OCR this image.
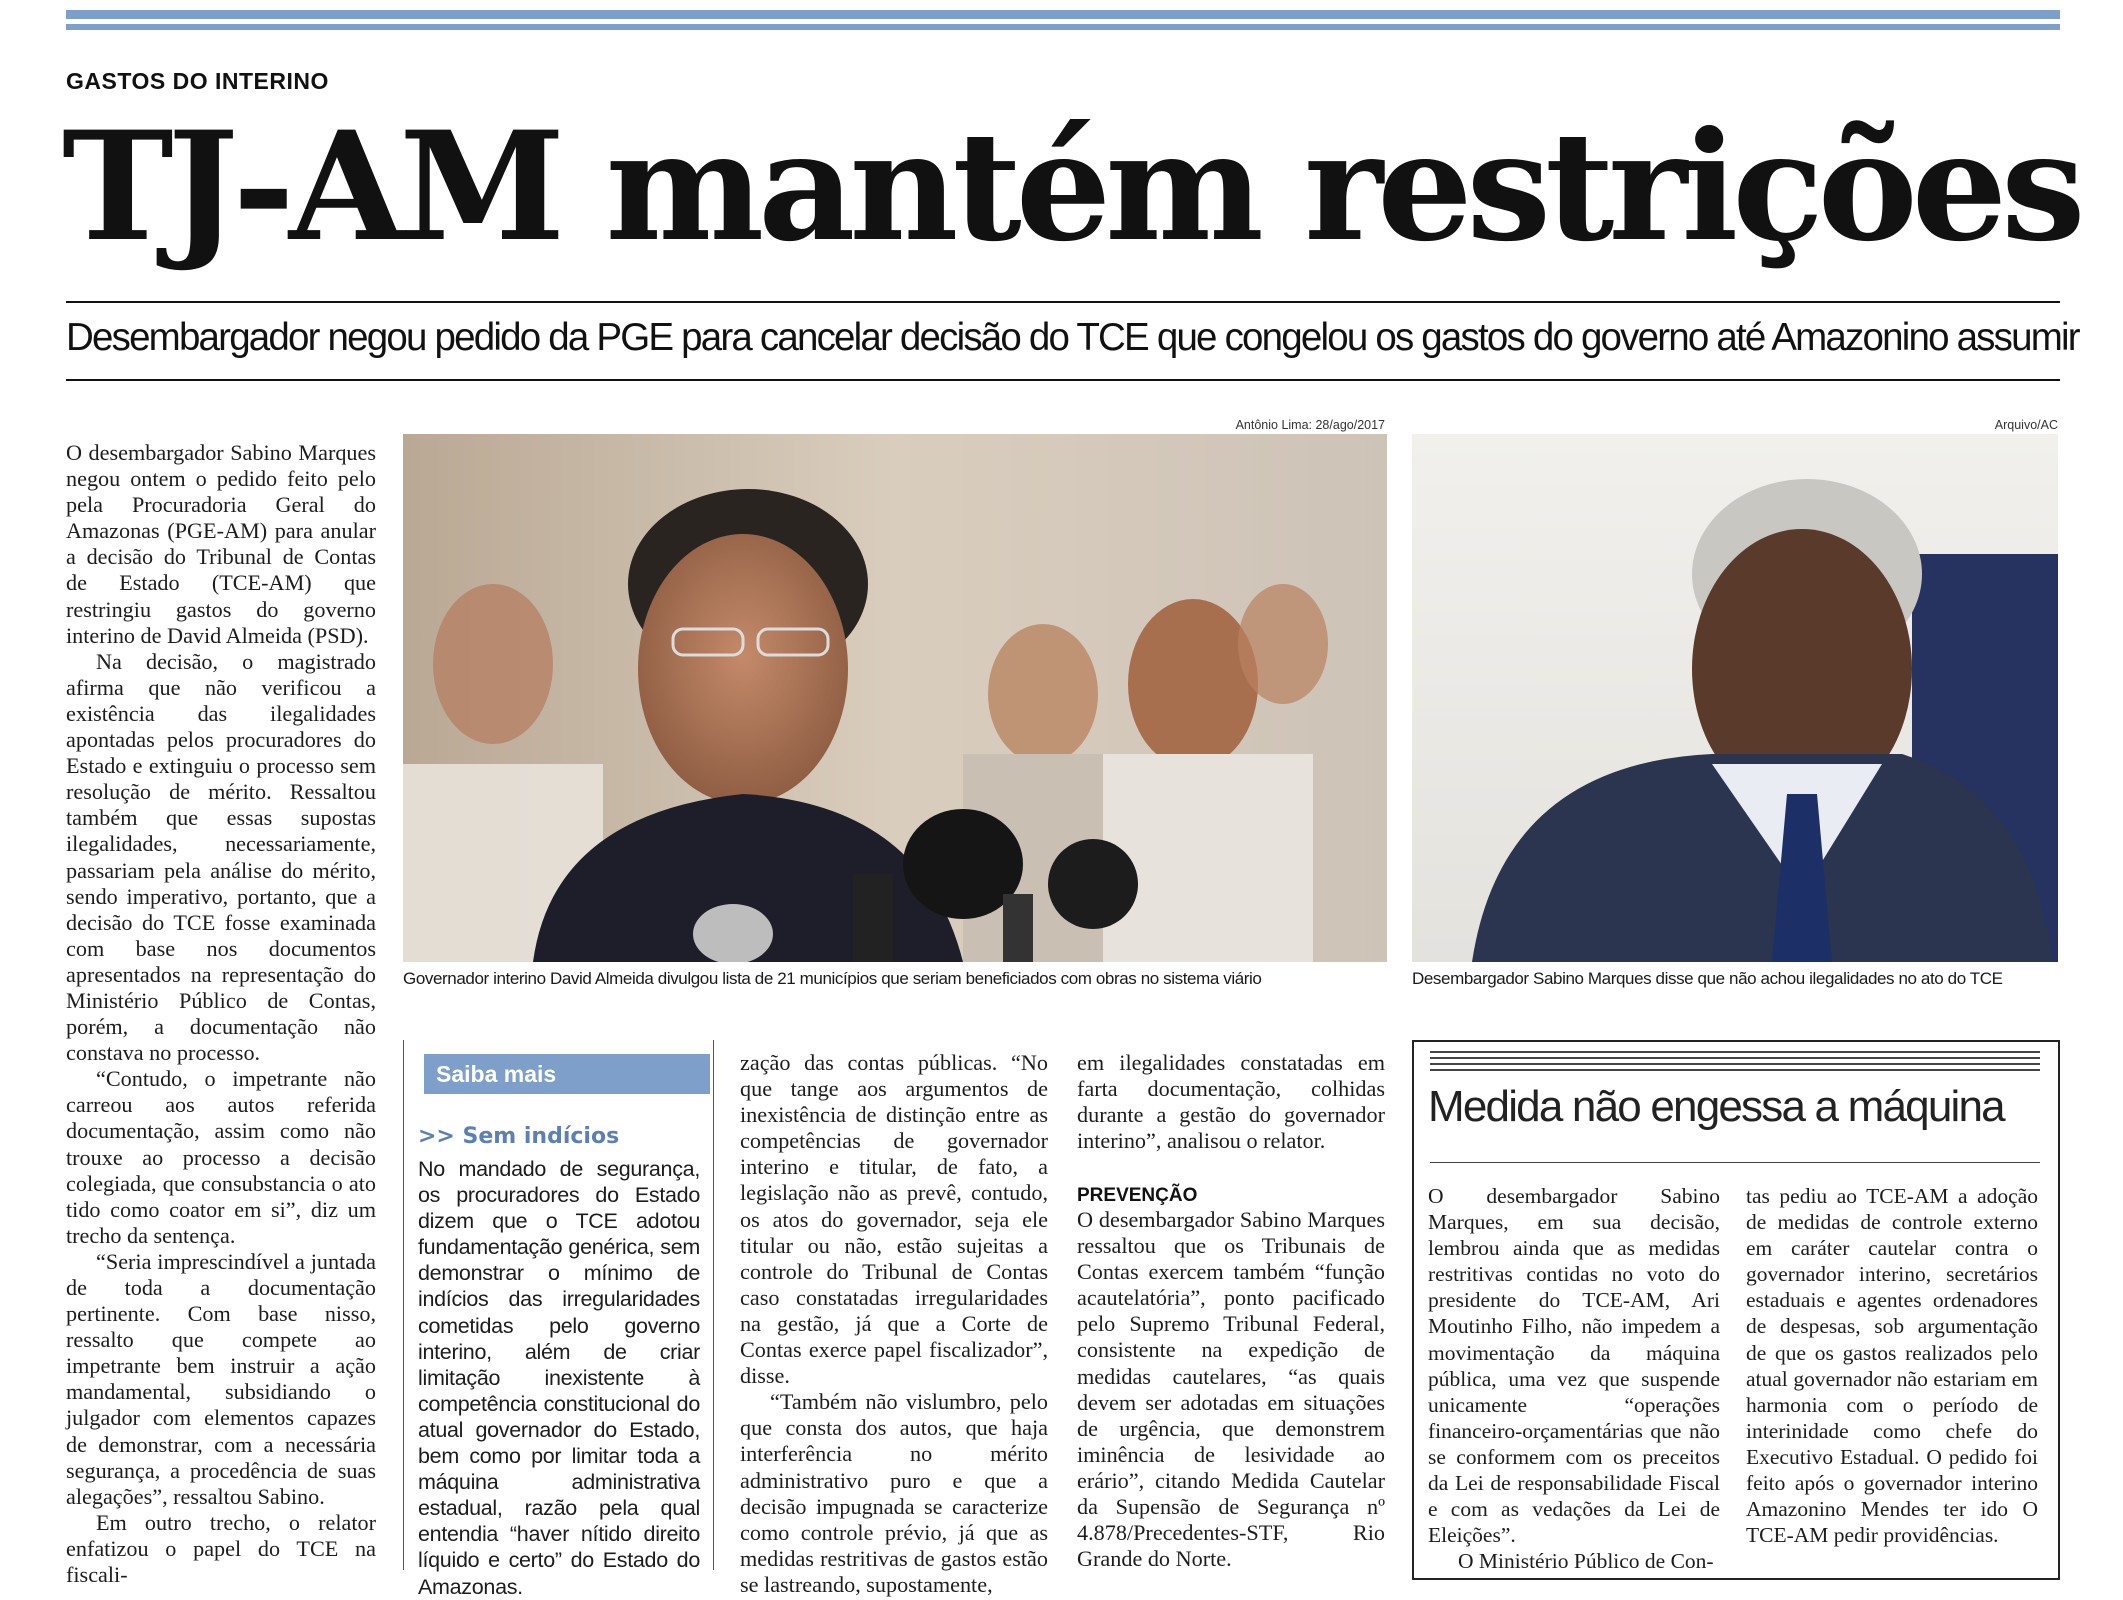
GASTOS DO INTERINO
TJ-AM mantém restrições
Desembargador negou pedido da PGE para cancelar decisão do TCE que congelou os gastos do governo até Amazonino assumir

O desembargador Sabino Marques negou ontem o pedido feito pelo pela Procuradoria Geral do Amazonas (PGE-AM) para anular a decisão do Tribunal de Contas de Estado (TCE-AM) que restringiu gastos do governo interino de David Almeida (PSD).

Na decisão, o magistrado afirma que não verificou a existência das ilegalidades apontadas pelos procuradores do Estado e extinguiu o processo sem resolução de mérito. Ressaltou também que essas supostas ilegalidades, necessariamente, passariam pela análise do mérito, sendo imperativo, portanto, que a decisão do TCE fosse examinada com base nos documentos apresentados na representação do Ministério Público de Contas, porém, a documentação não constava no processo.

“Contudo, o impetrante não carreou aos autos referida documentação, assim como não trouxe ao processo a decisão colegiada, que consubstancia o ato tido como coator em si”, diz um trecho da sentença.

“Seria imprescindível a juntada de toda a documentação pertinente. Com base nisso, ressalto que compete ao impetrante bem instruir a ação mandamental, subsidiando o julgador com elementos capazes de demonstrar, com a necessária segurança, a procedência de suas alegações”, ressaltou Sabino.

Em outro trecho, o relator enfatizou o papel do TCE na fiscali-

Antônio Lima: 28/ago/2017
Governador interino David Almeida divulgou lista de 21 municípios que seriam beneficiados com obras no sistema viário
Arquivo/AC
Desembargador Sabino Marques disse que não achou ilegalidades no ato do TCE
Saiba mais
>> Sem indícios

No mandado de segurança, os procuradores do Estado dizem que o TCE adotou fundamentação genérica, sem demonstrar o mínimo de indícios das irregularidades cometidas pelo governo interino, além de criar limitação inexistente à competência constitucional do atual governador do Estado, bem como por limitar toda a máquina administrativa estadual, razão pela qual entendia “haver nítido direito líquido e certo” do Estado do Amazonas.

zação das contas públicas. “No que tange aos argumentos de inexistência de distinção entre as competências de governador interino e titular, de fato, a legislação não as prevê, contudo, os atos do governador, seja ele titular ou não, estão sujeitas a controle do Tribunal de Contas caso constatadas irregularidades na gestão, já que a Corte de Contas exerce papel fiscalizador”, disse.

“Também não vislumbro, pelo que consta dos autos, que haja interferência no mérito administrativo puro e que a decisão impugnada se caracterize como controle prévio, já que as medidas restritivas de gastos estão se lastreando, supostamente,

em ilegalidades constatadas em farta documentação, colhidas durante a gestão do governador interino”, analisou o relator.

PREVENÇÃO

O desembargador Sabino Marques ressaltou que os Tribunais de Contas exercem também “função acautelatória”, ponto pacificado pelo Supremo Tribunal Federal, consistente na expedição de medidas cautelares, “as quais devem ser adotadas em situações de urgência, que demonstrem iminência de lesividade ao erário”, citando Medida Cautelar da Supensão de Segurança nº 4.878/Precedentes-STF, Rio Grande do Norte.

Medida não engessa a máquina

O desembargador Sabino Marques, em sua decisão, lembrou ainda que as medidas restritivas contidas no voto do presidente do TCE-AM, Ari Moutinho Filho, não impedem a movimentação da máquina pública, uma vez que suspende unicamente “operações financeiro-orçamentárias que não se conformem com os preceitos da Lei de responsabilidade Fiscal e com as vedações da Lei de Eleições”.

O Ministério Público de Con-

tas pediu ao TCE-AM a adoção de medidas de controle externo em caráter cautelar contra o governador interino, secretários estaduais e agentes ordenadores de despesas, sob argumentação de que os gastos realizados pelo atual governador não estariam em harmonia com o período de interinidade como chefe do Executivo Estadual. O pedido foi feito após o governador interino Amazonino Mendes ter ido O TCE-AM pedir providências.
